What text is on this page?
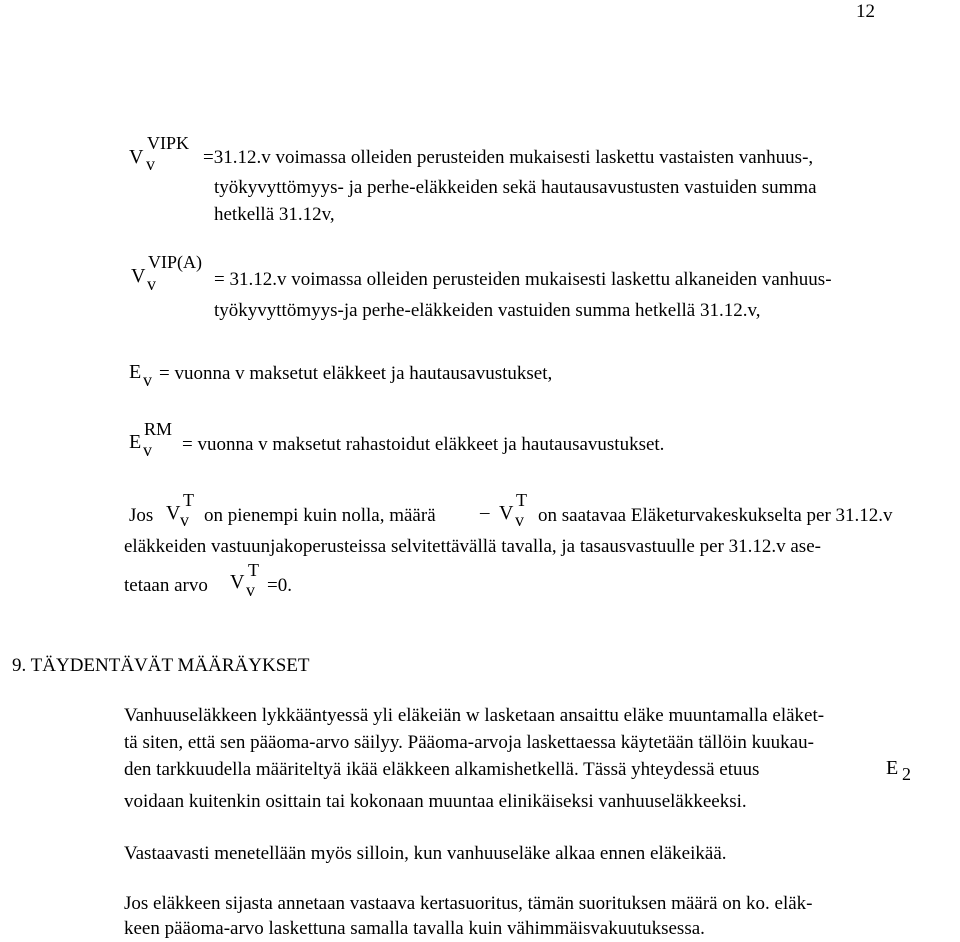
12
V v
VIPK
=31.12.v voimassa olleiden perusteiden mukaisesti laskettu vastaisten vanhuus-,
työkyvyttömyys- ja perhe-eläkkeiden sekä hautausavustusten vastuiden summa
hetkellä 31.12v,
V v
VIP(A)
= 31.12.v voimassa olleiden perusteiden mukaisesti laskettu alkaneiden vanhuus-
työkyvyttömyys-ja perhe-eläkkeiden vastuiden summa hetkellä 31.12.v,
E v = vuonna v maksetut eläkkeet ja hautausavustukset,
E v
RM
= vuonna v maksetut rahastoidut eläkkeet ja hautausavustukset.
Jos V v
T
on pienempi kuin nolla, määrä – V v
T
on saatavaa Eläketurvakeskukselta per 31.12.v
eläkkeiden vastuunjakoperusteissa selvitettävällä tavalla, ja tasausvastuulle per 31.12.v ase-
tetaan arvo V v
T
=0.
9. TÄYDENTÄVÄT MÄÄRÄYKSET
Vanhuuseläkkeen lykkääntyessä yli eläkeiän w lasketaan ansaittu eläke muuntamalla eläket-
tä siten, että sen pääoma-arvo säilyy. Pääoma-arvoja laskettaessa käytetään tällöin kuukau-
den tarkkuudella määriteltyä ikää eläkkeen alkamishetkellä. Tässä yhteydessä etuus	E 2
voidaan kuitenkin osittain tai kokonaan muuntaa elinikäiseksi vanhuuseläkkeeksi.
Vastaavasti menetellään myös silloin, kun vanhuuseläke alkaa ennen eläkeikää.
Jos eläkkeen sijasta annetaan vastaava kertasuoritus, tämän suorituksen määrä on ko. eläk-
keen pääoma-arvo laskettuna samalla tavalla kuin vähimmäisvakuutuksessa.
